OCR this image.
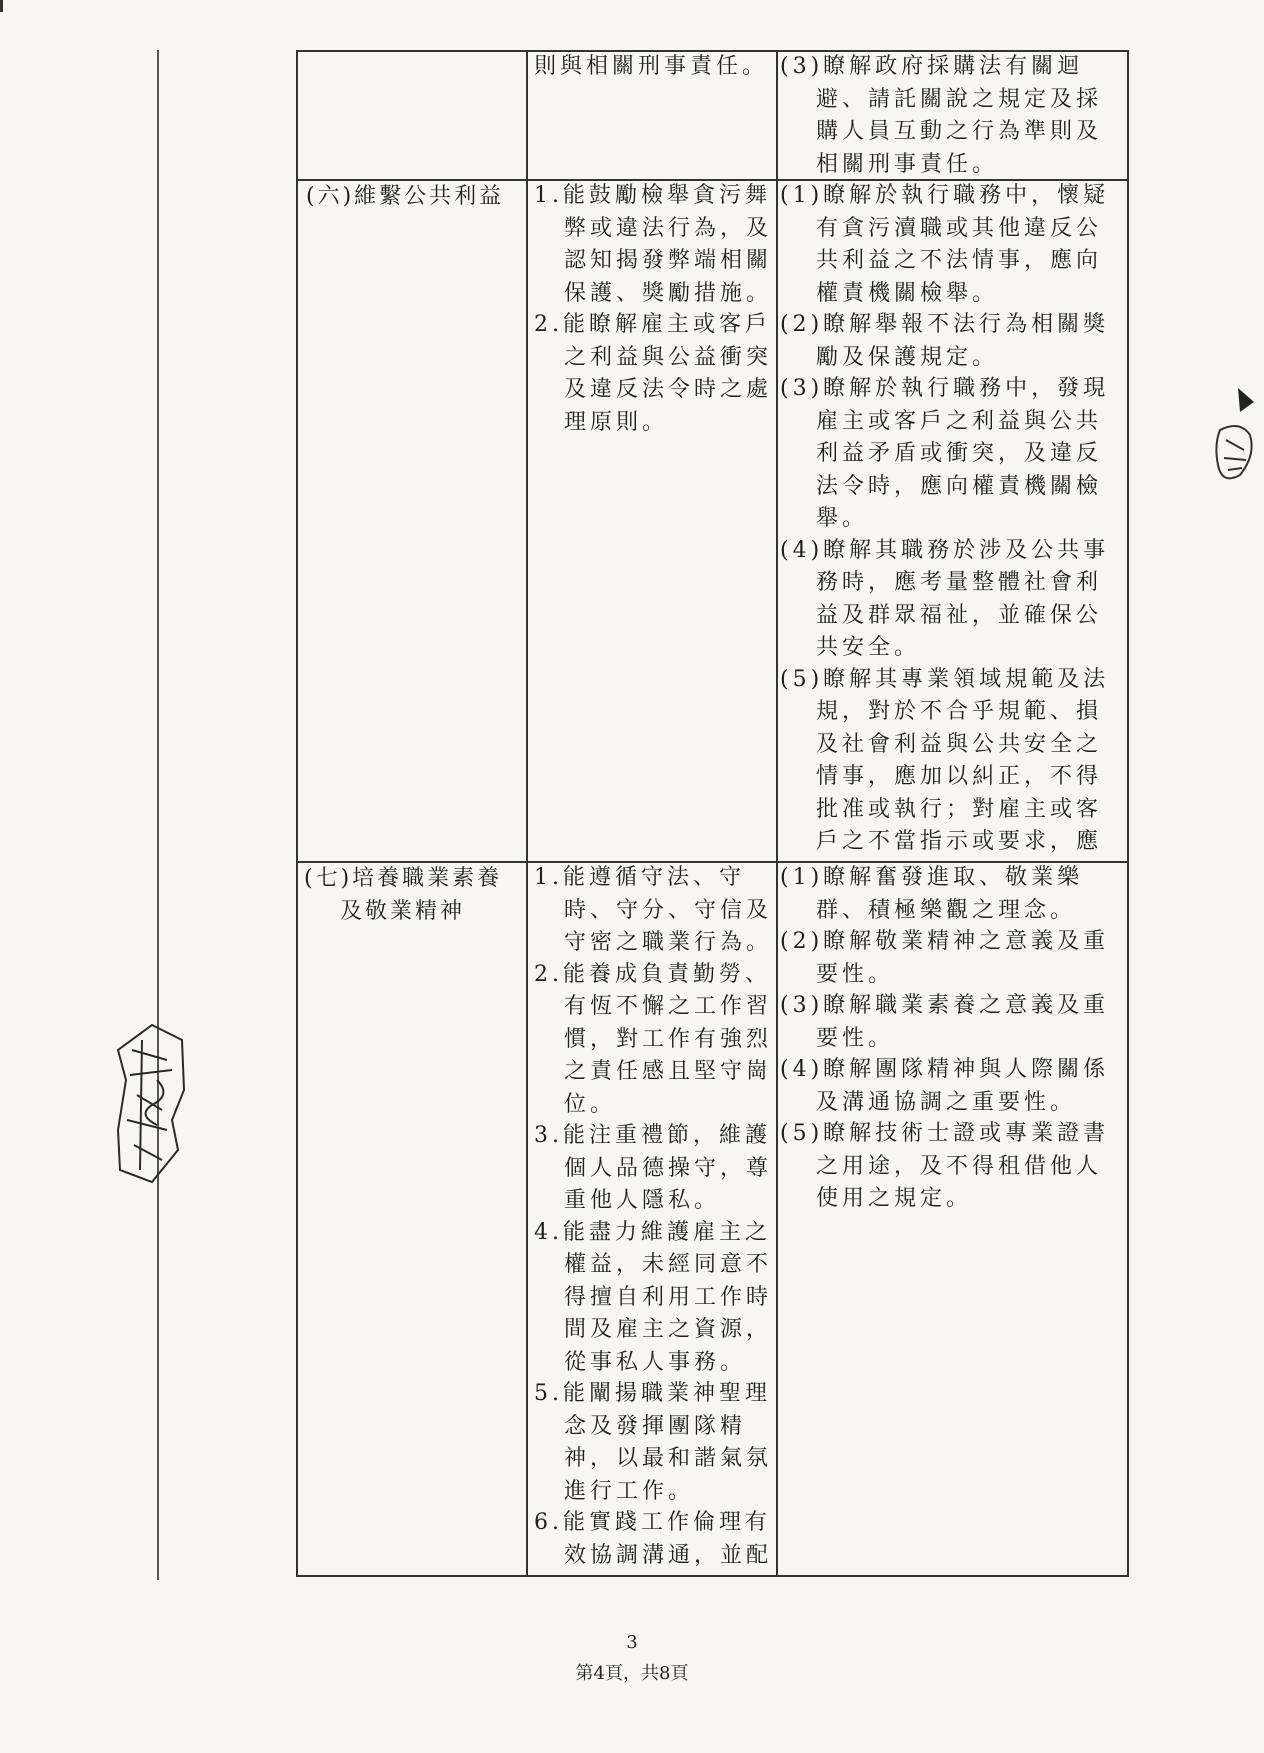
則與相關刑事責任。 (3)瞭解政府採購法有關迴避、請託關說之規定及採購人員互動之行為準則及相關刑事責任。
(六)維繫公共利益	1.能鼓勵檢舉貪污舞弊或違法行為，及認知揭發弊端相關保護、獎勵措施。
2.能瞭解雇主或客戶之利益與公益衝突及違反法令時之處理原則。
(1)瞭解於執行職務中，懷疑有貪污瀆職或其他違反公共利益之不法情事，應向權責機關檢舉。
(2)瞭解舉報不法行為相關獎勵及保護規定。
(3)瞭解於執行職務中，發現雇主或客戶之利益與公共利益矛盾或衝突，及違反法令時，應向權責機關檢舉。
(4)瞭解其職務於涉及公共事務時，應考量整體社會利益及群眾福祉，並確保公共安全。
(5)瞭解其專業領域規範及法規，對於不合乎規範、損及社會利益與公共安全之情事，應加以糾正，不得批准或執行；對雇主或客戶之不當指示或要求，應
(七)培養職業素養及敬業精神
1.能遵循守法、守時、守分、守信及守密之職業行為。
2.能養成負責勤勞、有恆不懈之工作習慣，對工作有強烈之責任感且堅守崗位。
3.能注重禮節，維護個人品德操守，尊重他人隱私。
4.能盡力維護雇主之權益，未經同意不得擅自利用工作時間及雇主之資源，從事私人事務。
5.能闡揚職業神聖理念及發揮團隊精神，以最和諧氣氛進行工作。
6.能實踐工作倫理有效協調溝通，並配
(1)瞭解奮發進取、敬業樂群、積極樂觀之理念。
(2)瞭解敬業精神之意義及重要性。
(3)瞭解職業素養之意義及重要性。
(4)瞭解團隊精神與人際關係及溝通協調之重要性。
(5)瞭解技術士證或專業證書之用途，及不得租借他人使用之規定。
3
第4頁，共8頁
